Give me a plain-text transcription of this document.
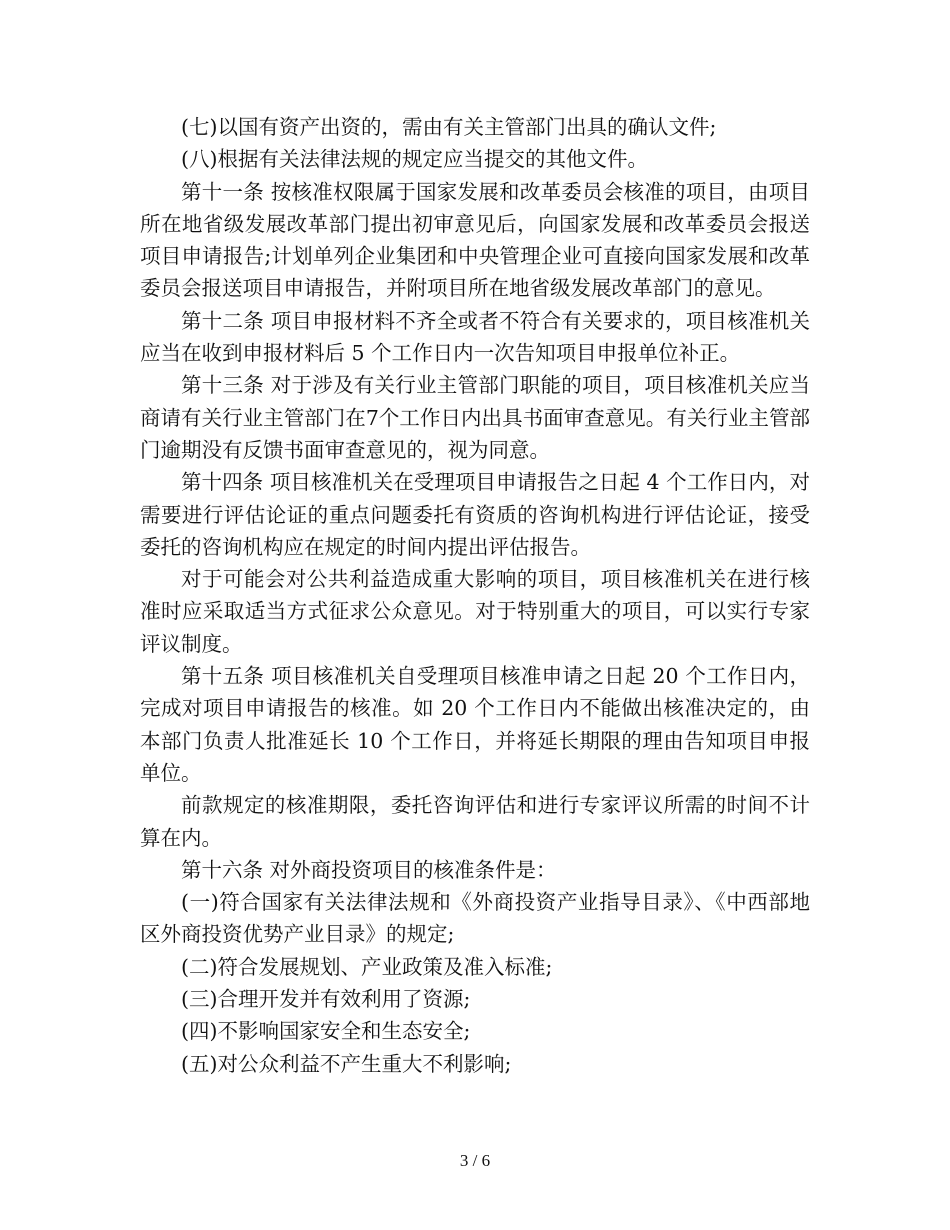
(七)以国有资产出资的，需由有关主管部门出具的确认文件;

(八)根据有关法律法规的规定应当提交的其他文件。

第十一条 按核准权限属于国家发展和改革委员会核准的项目，由项目所在地省级发展改革部门提出初审意见后，向国家发展和改革委员会报送项目申请报告;计划单列企业集团和中央管理企业可直接向国家发展和改革委员会报送项目申请报告，并附项目所在地省级发展改革部门的意见。

第十二条 项目申报材料不齐全或者不符合有关要求的，项目核准机关应当在收到申报材料后 5 个工作日内一次告知项目申报单位补正。

第十三条 对于涉及有关行业主管部门职能的项目，项目核准机关应当商请有关行业主管部门在7个工作日内出具书面审查意见。有关行业主管部门逾期没有反馈书面审查意见的，视为同意。

第十四条 项目核准机关在受理项目申请报告之日起 4 个工作日内，对需要进行评估论证的重点问题委托有资质的咨询机构进行评估论证，接受委托的咨询机构应在规定的时间内提出评估报告。

对于可能会对公共利益造成重大影响的项目，项目核准机关在进行核准时应采取适当方式征求公众意见。对于特别重大的项目，可以实行专家评议制度。

第十五条 项目核准机关自受理项目核准申请之日起 20 个工作日内，完成对项目申请报告的核准。如 20 个工作日内不能做出核准决定的，由本部门负责人批准延长 10 个工作日，并将延长期限的理由告知项目申报单位。

前款规定的核准期限，委托咨询评估和进行专家评议所需的时间不计算在内。

第十六条 对外商投资项目的核准条件是：

(一)符合国家有关法律法规和《外商投资产业指导目录》、《中西部地区外商投资优势产业目录》的规定;

(二)符合发展规划、产业政策及准入标准;

(三)合理开发并有效利用了资源;

(四)不影响国家安全和生态安全;

(五)对公众利益不产生重大不利影响;

3 / 6
